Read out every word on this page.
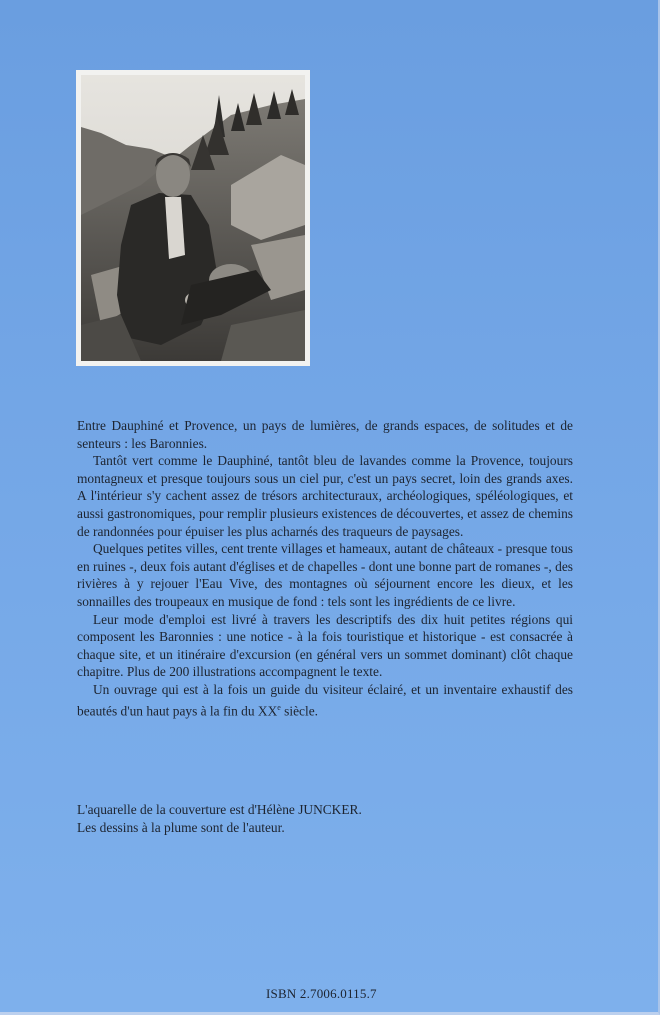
Entre Dauphiné et Provence, un pays de lumières, de grands espaces, de solitudes et de senteurs : les Baronnies.

Tantôt vert comme le Dauphiné, tantôt bleu de lavandes comme la Provence, toujours montagneux et presque toujours sous un ciel pur, c'est un pays secret, loin des grands axes. A l'intérieur s'y cachent assez de trésors architecturaux, archéologiques, spéléologiques, et aussi gastronomiques, pour remplir plusieurs existences de découvertes, et assez de chemins de randonnées pour épuiser les plus acharnés des traqueurs de paysages.

Quelques petites villes, cent trente villages et hameaux, autant de châteaux - presque tous en ruines -, deux fois autant d'églises et de chapelles - dont une bonne part de romanes -, des rivières à y rejouer l'Eau Vive, des montagnes où séjournent encore les dieux, et les sonnailles des troupeaux en musique de fond : tels sont les ingrédients de ce livre.

Leur mode d'emploi est livré à travers les descriptifs des dix huit petites régions qui composent les Baronnies : une notice - à la fois touristique et historique - est consacrée à chaque site, et un itinéraire d'excursion (en général vers un sommet dominant) clôt chaque chapitre. Plus de 200 illustrations accompagnent le texte.

Un ouvrage qui est à la fois un guide du visiteur éclairé, et un inventaire exhaustif des beautés d'un haut pays à la fin du XXe siècle.

L'aquarelle de la couverture est d'Hélène JUNCKER.
Les dessins à la plume sont de l'auteur.
ISBN 2.7006.0115.7
